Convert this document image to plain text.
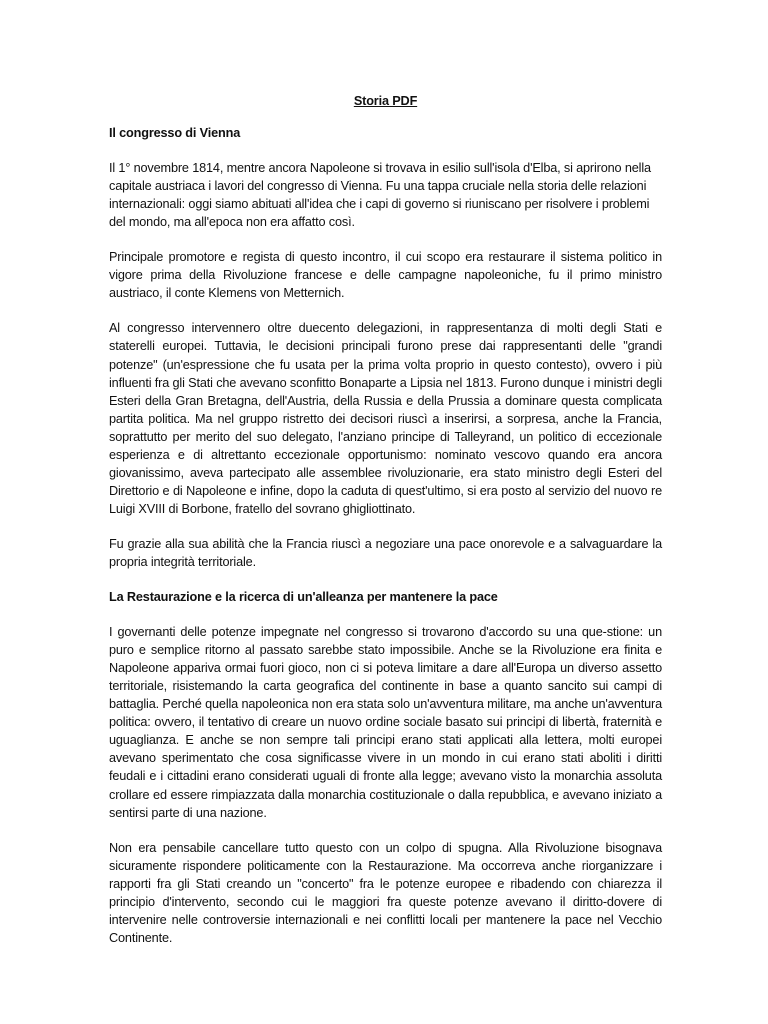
Storia PDF
Il congresso di Vienna

Il 1° novembre 1814, mentre ancora Napoleone si trovava in esilio sull'isola d'Elba, si aprirono nella capitale austriaca i lavori del congresso di Vienna. Fu una tappa cruciale nella storia delle relazioni internazionali: oggi siamo abituati all'idea che i capi di governo si riuniscano per risolvere i problemi del mondo, ma all'epoca non era affatto così.

Principale promotore e regista di questo incontro, il cui scopo era restaurare il sistema politico in vigore prima della Rivoluzione francese e delle campagne napoleoniche, fu il primo ministro austriaco, il conte Klemens von Metternich.

Al congresso intervennero oltre duecento delegazioni, in rappresentanza di molti degli Stati e staterelli europei. Tuttavia, le decisioni principali furono prese dai rappresentanti delle "grandi potenze" (un'espressione che fu usata per la prima volta proprio in questo contesto), ovvero i più influenti fra gli Stati che avevano sconfitto Bonaparte a Lipsia nel 1813. Furono dunque i ministri degli Esteri della Gran Bretagna, dell'Austria, della Russia e della Prussia a dominare questa complicata partita politica. Ma nel gruppo ristretto dei decisori riuscì a inserirsi, a sorpresa, anche la Francia, soprattutto per merito del suo delegato, l'anziano principe di Talleyrand, un politico di eccezionale esperienza e di altrettanto eccezionale opportunismo: nominato vescovo quando era ancora giovanissimo, aveva partecipato alle assemblee rivoluzionarie, era stato ministro degli Esteri del Direttorio e di Napoleone e infine, dopo la caduta di quest'ultimo, si era posto al servizio del nuovo re Luigi XVIII di Borbone, fratello del sovrano ghigliottinato.

Fu grazie alla sua abilità che la Francia riuscì a negoziare una pace onorevole e a salvaguardare la propria integrità territoriale.

La Restaurazione e la ricerca di un'alleanza per mantenere la pace

I governanti delle potenze impegnate nel congresso si trovarono d'accordo su una que-stione: un puro e semplice ritorno al passato sarebbe stato impossibile. Anche se la Rivoluzione era finita e Napoleone appariva ormai fuori gioco, non ci si poteva limitare a dare all'Europa un diverso assetto territoriale, risistemando la carta geografica del continente in base a quanto sancito sui campi di battaglia. Perché quella napoleonica non era stata solo un'avventura militare, ma anche un'avventura politica: ovvero, il tentativo di creare un nuovo ordine sociale basato sui principi di libertà, fraternità e uguaglianza. E anche se non sempre tali principi erano stati applicati alla lettera, molti europei avevano sperimentato che cosa significasse vivere in un mondo in cui erano stati aboliti i diritti feudali e i cittadini erano considerati uguali di fronte alla legge; avevano visto la monarchia assoluta crollare ed essere rimpiazzata dalla monarchia costituzionale o dalla repubblica, e avevano iniziato a sentirsi parte di una nazione.

Non era pensabile cancellare tutto questo con un colpo di spugna. Alla Rivoluzione bisognava sicuramente rispondere politicamente con la Restaurazione. Ma occorreva anche riorganizzare i rapporti fra gli Stati creando un "concerto" fra le potenze europee e ribadendo con chiarezza il principio d'intervento, secondo cui le maggiori fra queste potenze avevano il diritto-dovere di intervenire nelle controversie internazionali e nei conflitti locali per mantenere la pace nel Vecchio Continente.
